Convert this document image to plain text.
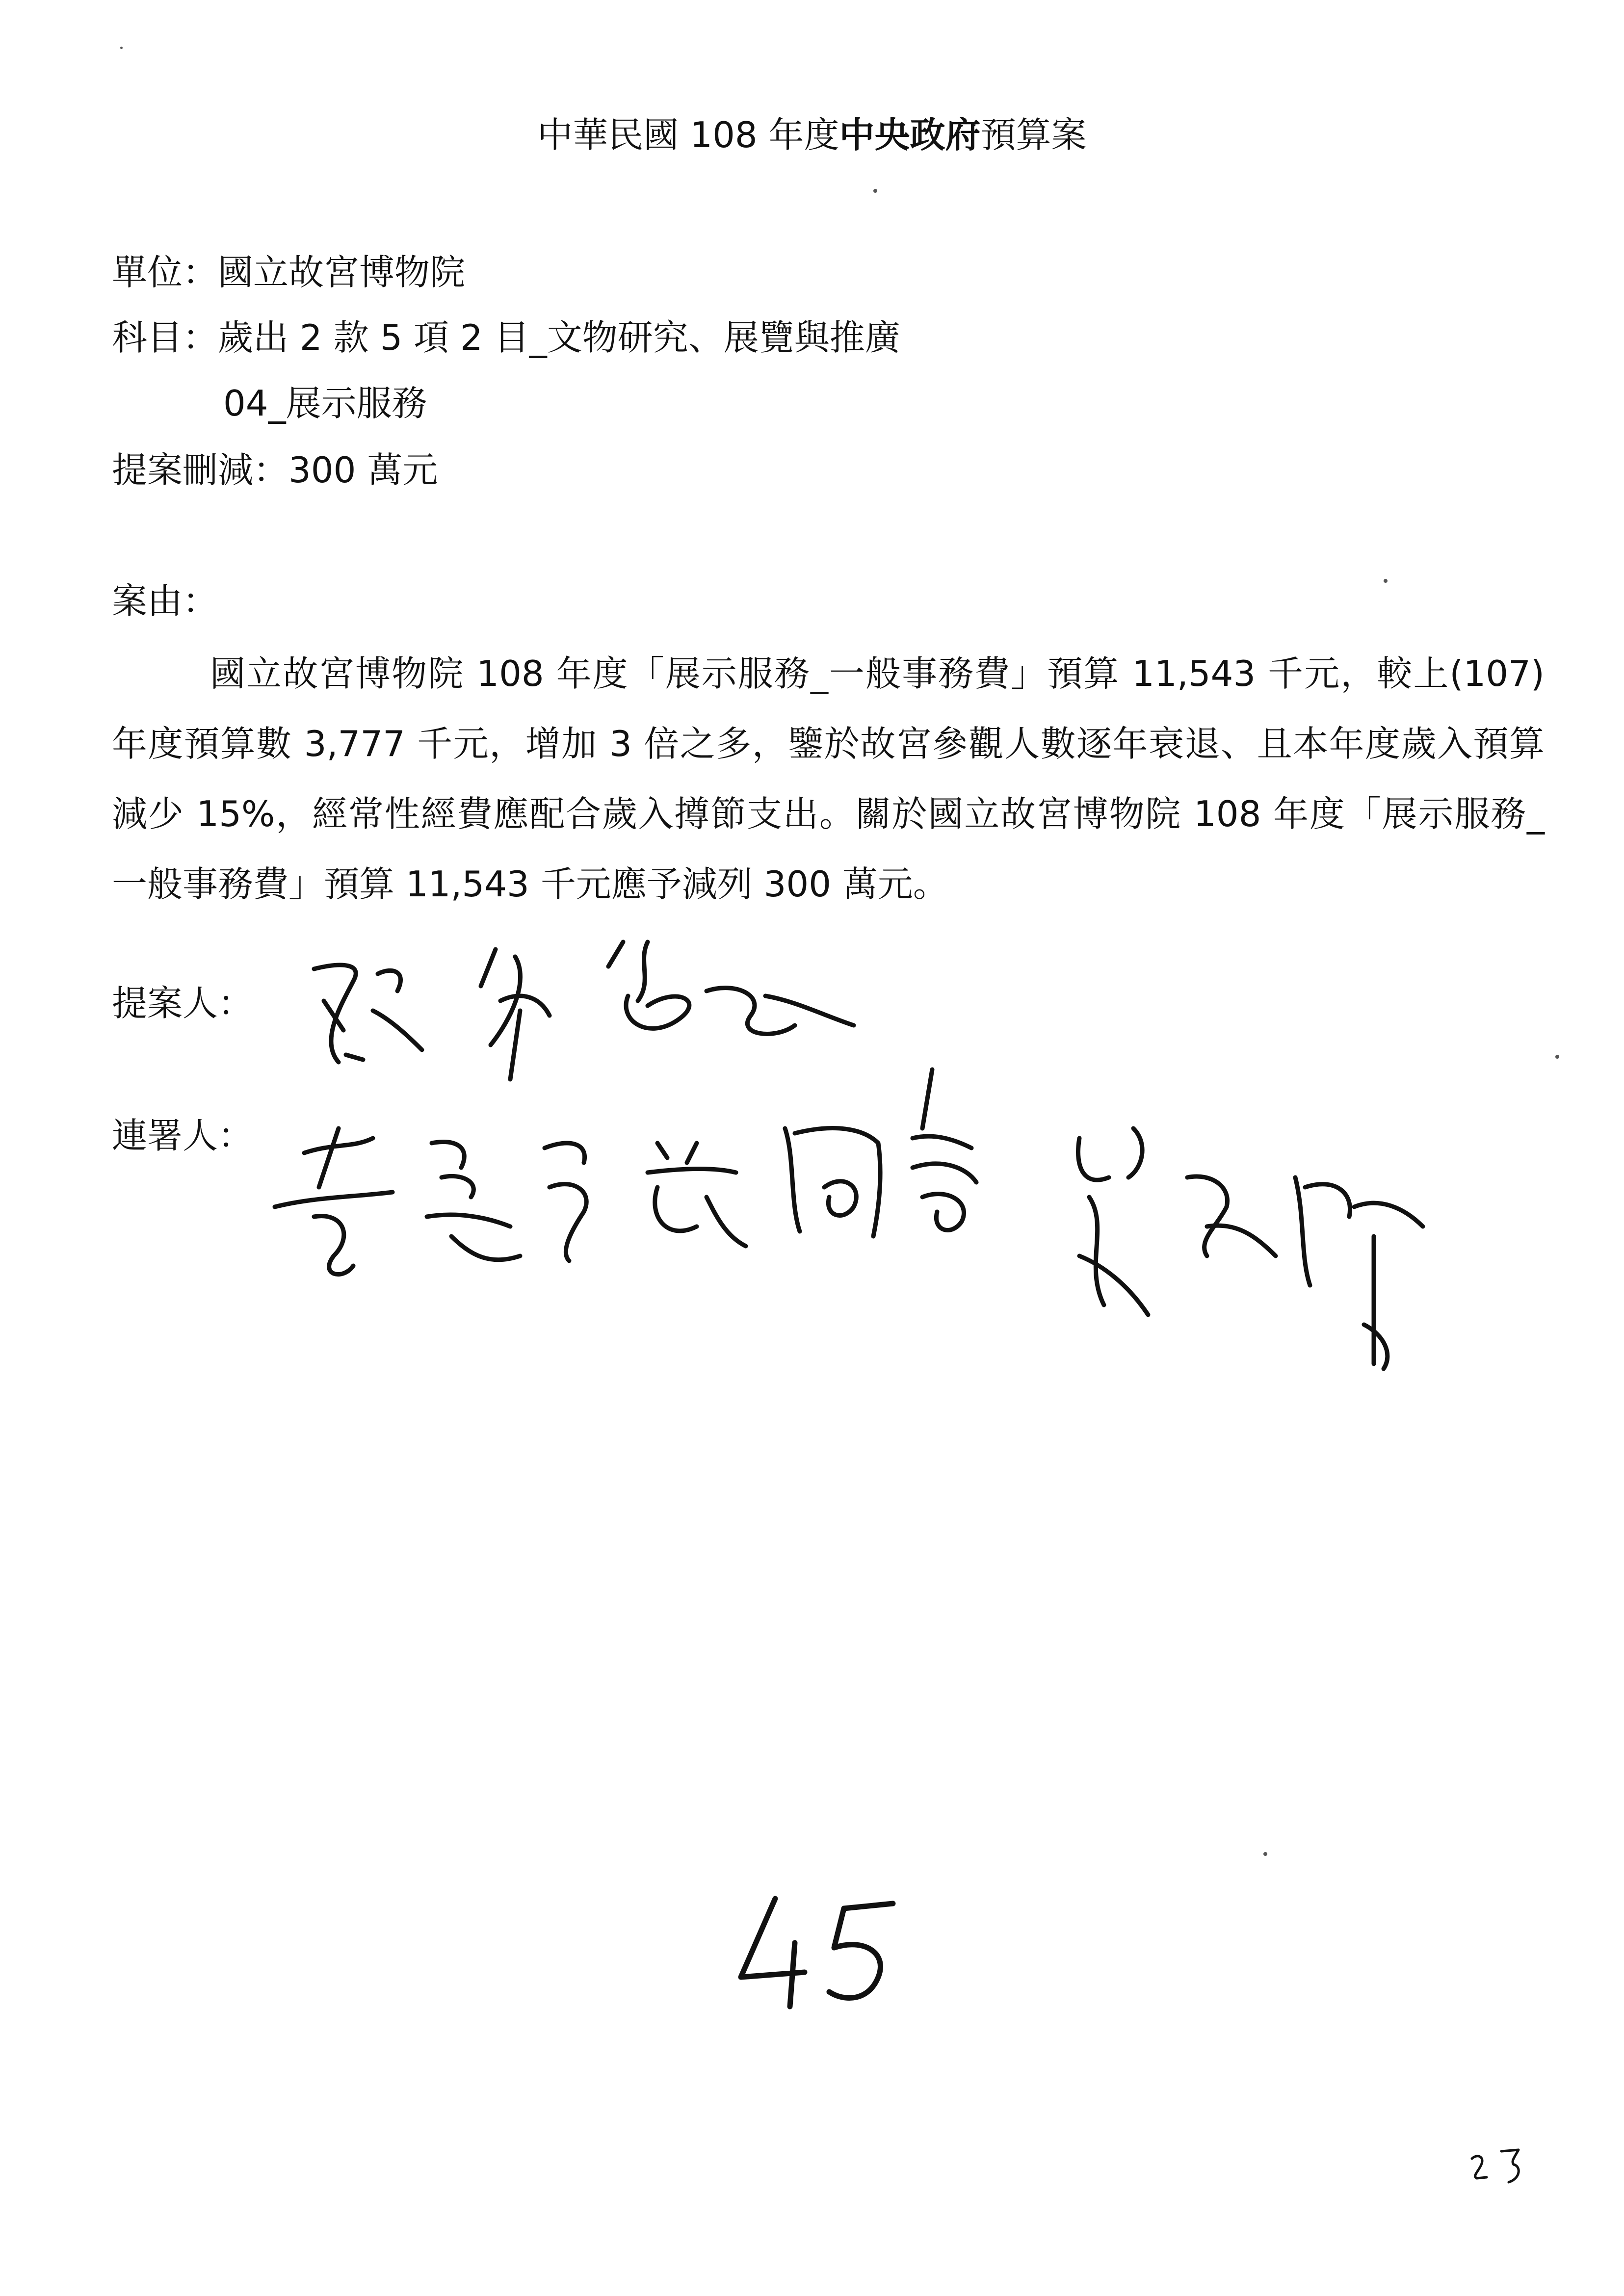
中華民國 108 年度中央政府預算案
單位：國立故宮博物院
科目：歲出 2 款 5 項 2 目_文物研究、展覽與推廣
04_展示服務
提案刪減：300 萬元
案由：
國立故宮博物院 108 年度「展示服務_一般事務費」預算 11,543 千元，較上(107)年度預算數 3,777 千元，增加 3 倍之多，鑒於故宮參觀人數逐年衰退、且本年度歲入預算減少 15%，經常性經費應配合歲入撙節支出。關於國立故宮博物院 108 年度「展示服務_一般事務費」預算 11,543 千元應予減列 300 萬元。
提案人：
連署人：
